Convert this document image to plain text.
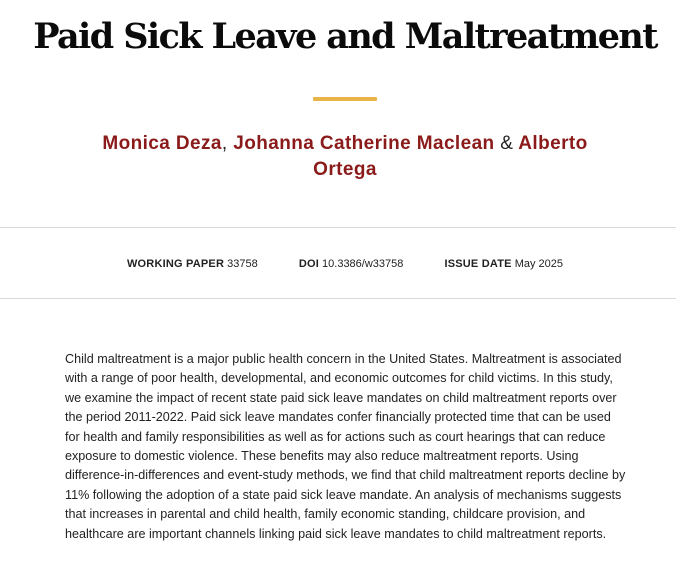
Paid Sick Leave and Maltreatment
Monica Deza, Johanna Catherine Maclean & Alberto Ortega
WORKING PAPER 33758	DOI 10.3386/w33758	ISSUE DATE May 2025

Child maltreatment is a major public health concern in the United States. Maltreatment is associated with a range of poor health, developmental, and economic outcomes for child victims. In this study, we examine the impact of recent state paid sick leave mandates on child maltreatment reports over the period 2011-2022. Paid sick leave mandates confer financially protected time that can be used for health and family responsibilities as well as for actions such as court hearings that can reduce exposure to domestic violence. These benefits may also reduce maltreatment reports. Using difference-in-differences and event-study methods, we find that child maltreatment reports decline by 11% following the adoption of a state paid sick leave mandate. An analysis of mechanisms suggests that increases in parental and child health, family economic standing, childcare provision, and healthcare are important channels linking paid sick leave mandates to child maltreatment reports.
